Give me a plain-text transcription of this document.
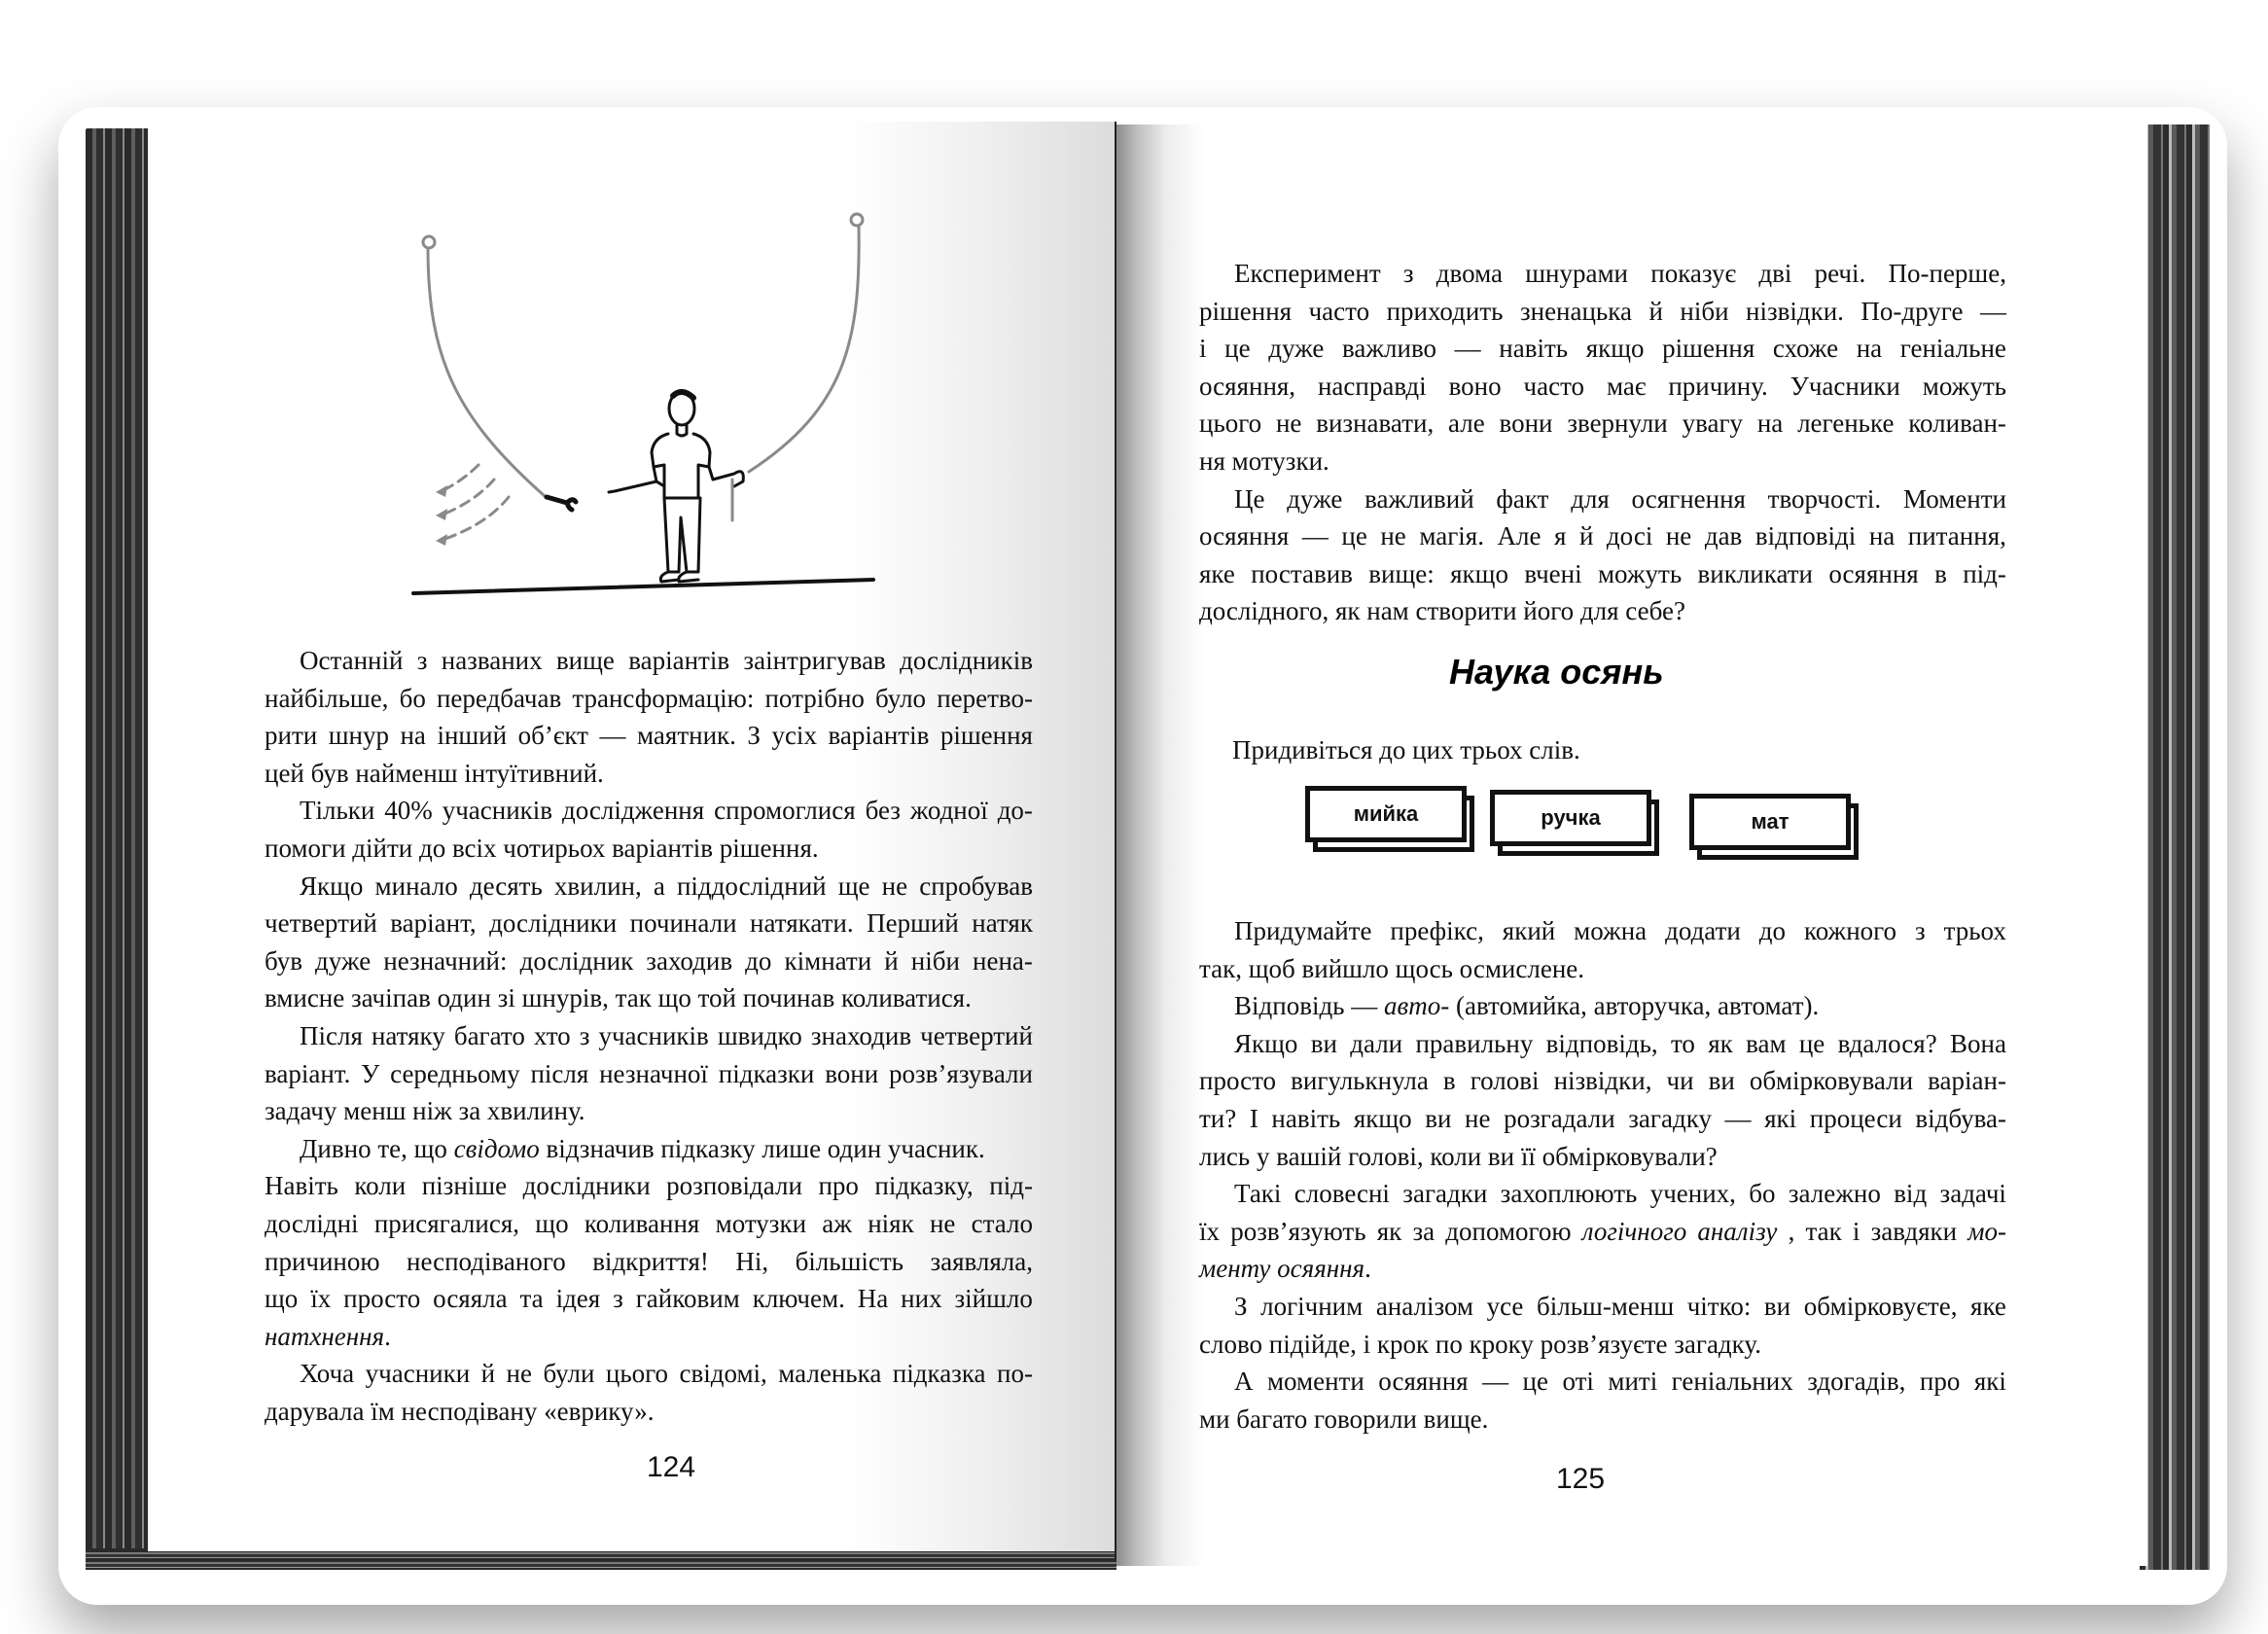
Останній з названих вище варіантів заінтригував дослідників
найбільше, бо передбачав трансформацію: потрібно було перетво-
рити шнур на інший об’єкт — маятник. З усіх варіантів рішення
цей був найменш інтуїтивний.
Тільки 40% учасників дослідження спромоглися без жодної до-
помоги дійти до всіх чотирьох варіантів рішення.
Якщо минало десять хвилин, а піддослідний ще не спробував
четвертий варіант, дослідники починали натякати. Перший натяк
був дуже незначний: дослідник заходив до кімнати й ніби нена-
вмисне зачіпав один зі шнурів, так що той починав коливатися.
Після натяку багато хто з учасників швидко знаходив четвертий
варіант. У середньому після незначної підказки вони розв’язували
задачу менш ніж за хвилину.
Дивно те, що свідомо відзначив підказку лише один учасник.
Навіть коли пізніше дослідники розповідали про підказку, під-
дослідні присягалися, що коливання мотузки аж ніяк не стало
причиною несподіваного відкриття! Ні, більшість заявляла,
що їх просто осяяла та ідея з гайковим ключем. На них зійшло
натхнення.
Хоча учасники й не були цього свідомі, маленька підказка по-
дарувала їм несподівану «еврику».
124
Експеримент з двома шнурами показує дві речі. По-перше,
рішення часто приходить зненацька й ніби нізвідки. По-друге —
і це дуже важливо — навіть якщо рішення схоже на геніальне
осяяння, насправді воно часто має причину. Учасники можуть
цього не визнавати, але вони звернули увагу на легеньке коливан-
ня мотузки.
Це дуже важливий факт для осягнення творчості. Моменти
осяяння — це не магія. Але я й досі не дав відповіді на питання,
яке поставив вище: якщо вчені можуть викликати осяяння в під-
дослідного, як нам створити його для себе?
Придумайте префікс, який можна додати до кожного з трьох
так, щоб вийшло щось осмислене.
Відповідь — авто- (автомийка, авторучка, автомат).
Якщо ви дали правильну відповідь, то як вам це вдалося? Вона
просто вигулькнула в голові нізвідки, чи ви обмірковували варіан-
ти? І навіть якщо ви не розгадали загадку — які процеси відбува-
лись у вашій голові, коли ви її обмірковували?
Такі словесні загадки захоплюють учених, бо залежно від задачі
їх розв’язують як за допомогою логічного аналізу , так і завдяки мо-
менту осяяння.
З логічним аналізом усе більш-менш чітко: ви обмірковуєте, яке
слово підійде, і крок по кроку розв’язуєте загадку.
А моменти осяяння — це оті миті геніальних здогадів, про які
ми багато говорили вище.
Наука осянь
Придивіться до цих трьох слів.
мийка	ручка	мат
125
